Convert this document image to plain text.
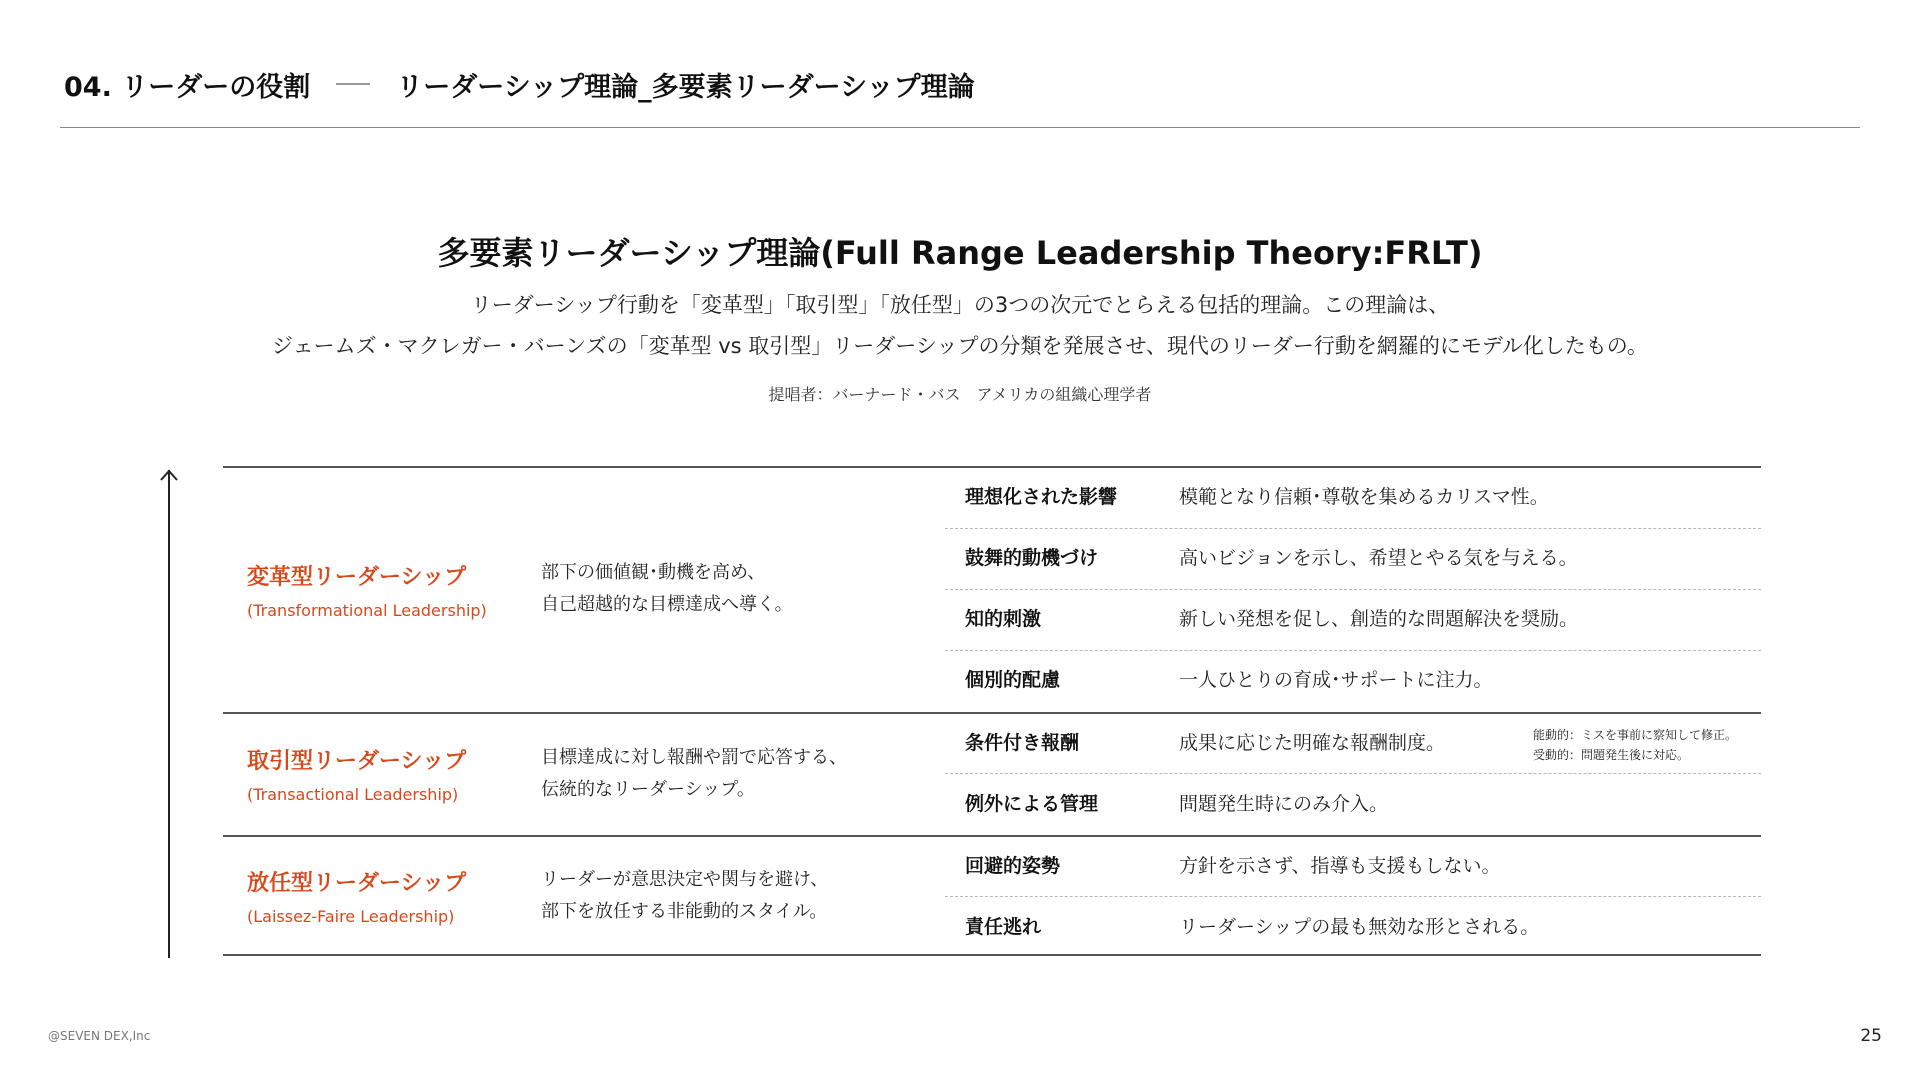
04. リーダーの役割	リーダーシップ理論_多要素リーダーシップ理論
多要素リーダーシップ理論(Full Range Leadership Theory:FRLT)
リーダーシップ行動を「変革型」「取引型」「放任型」の3つの次元でとらえる包括的理論。この理論は、
ジェームズ・マクレガー・バーンズの「変革型 vs 取引型」リーダーシップの分類を発展させ、現代のリーダー行動を網羅的にモデル化したもの。
提唱者：バーナード・バス　アメリカの組織心理学者
変革型リーダーシップ
(Transformational Leadership)
部下の価値観･動機を高め、
自己超越的な目標達成へ導く。
理想化された影響	模範となり信頼･尊敬を集めるカリスマ性。
鼓舞的動機づけ	高いビジョンを示し、希望とやる気を与える。
知的刺激	新しい発想を促し、創造的な問題解決を奨励。
個別的配慮	一人ひとりの育成･サポートに注力。
取引型リーダーシップ
(Transactional Leadership)
目標達成に対し報酬や罰で応答する、
伝統的なリーダーシップ。
条件付き報酬	成果に応じた明確な報酬制度。	能動的：ミスを事前に察知して修正。
受動的：問題発生後に対応。
例外による管理	問題発生時にのみ介入。
放任型リーダーシップ
(Laissez-Faire Leadership)
リーダーが意思決定や関与を避け、
部下を放任する非能動的スタイル。
回避的姿勢	方針を示さず、指導も支援もしない。
責任逃れ	リーダーシップの最も無効な形とされる。
@SEVEN DEX,Inc	25
